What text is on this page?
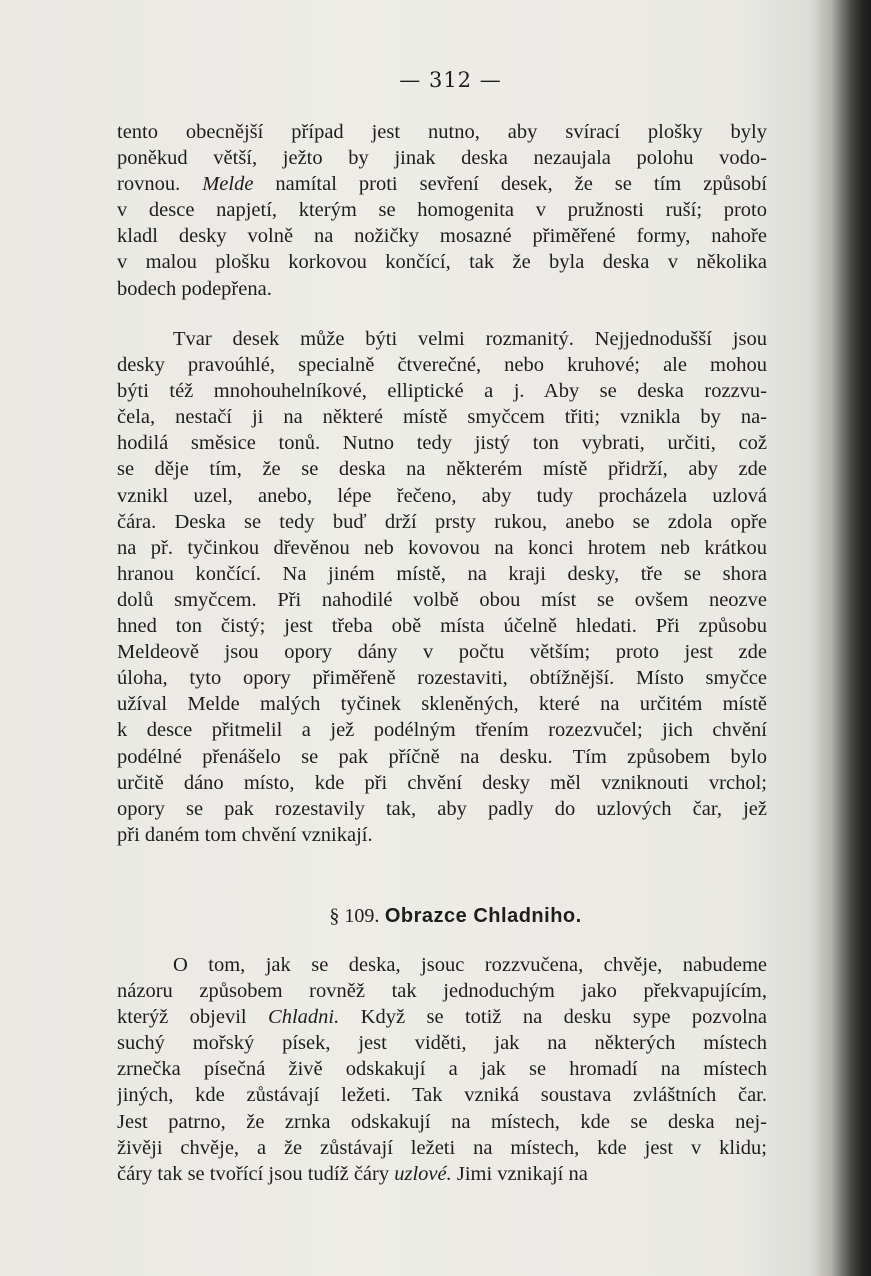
— 312 —
tento obecnější případ jest nutno, aby svírací plošky byly
poněkud větší, ježto by jinak deska nezaujala polohu vodo-
rovnou. Melde namítal proti sevření desek, že se tím způsobí
v desce napjetí, kterým se homogenita v pružnosti ruší; proto
kladl desky volně na nožičky mosazné přiměřené formy, nahoře
v malou plošku korkovou končící, tak že byla deska v několika
bodech podepřena.
Tvar desek může býti velmi rozmanitý. Nejjednodušší jsou
desky pravoúhlé, specialně čtverečné, nebo kruhové; ale mohou
býti též mnohouhelníkové, elliptické a j. Aby se deska rozzvu-
čela, nestačí ji na některé místě smyčcem třiti; vznikla by na-
hodilá směsice tonů. Nutno tedy jistý ton vybrati, určiti, což
se děje tím, že se deska na některém místě přidrží, aby zde
vznikl uzel, anebo, lépe řečeno, aby tudy procházela uzlová
čára. Deska se tedy buď drží prsty rukou, anebo se zdola opře
na př. tyčinkou dřevěnou neb kovovou na konci hrotem neb krátkou
hranou končící. Na jiném místě, na kraji desky, tře se shora
dolů smyčcem. Při nahodilé volbě obou míst se ovšem neozve
hned ton čistý; jest třeba obě místa účelně hledati. Při způsobu
Meldeově jsou opory dány v počtu větším; proto jest zde
úloha, tyto opory přiměřeně rozestaviti, obtížnější. Místo smyčce
užíval Melde malých tyčinek skleněných, které na určitém místě
k desce přitmelil a jež podélným třením rozezvučel; jich chvění
podélné přenášelo se pak příčně na desku. Tím způsobem bylo
určitě dáno místo, kde při chvění desky měl vzniknouti vrchol;
opory se pak rozestavily tak, aby padly do uzlových čar, jež
při daném tom chvění vznikají.
§ 109. Obrazce Chladniho.
O tom, jak se deska, jsouc rozzvučena, chvěje, nabudeme
názoru způsobem rovněž tak jednoduchým jako překvapujícím,
kterýž objevil Chladni. Když se totiž na desku sype pozvolna
suchý mořský písek, jest viděti, jak na některých místech
zrnečka písečná živě odskakují a jak se hromadí na místech
jiných, kde zůstávají ležeti. Tak vzniká soustava zvláštních čar.
Jest patrno, že zrnka odskakují na místech, kde se deska nej-
živěji chvěje, a že zůstávají ležeti na místech, kde jest v klidu;
čáry tak se tvořící jsou tudíž čáry uzlové. Jimi vznikají na
